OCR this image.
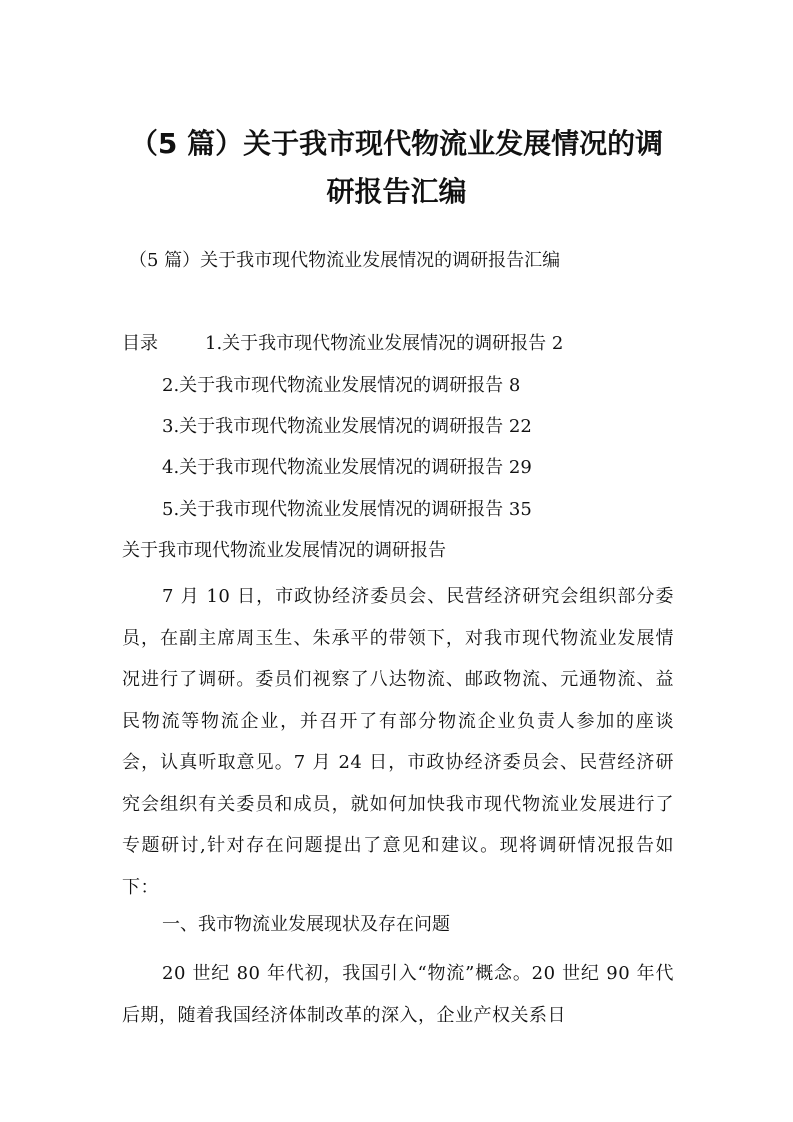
（5 篇）关于我市现代物流业发展情况的调
研报告汇编

（5 篇）关于我市现代物流业发展情况的调研报告汇编

目录	1.关于我市现代物流业发展情况的调研报告 2

2.关于我市现代物流业发展情况的调研报告 8

3.关于我市现代物流业发展情况的调研报告 22

4.关于我市现代物流业发展情况的调研报告 29

5.关于我市现代物流业发展情况的调研报告 35

关于我市现代物流业发展情况的调研报告

7 月 10 日，市政协经济委员会、民营经济研究会组织部分委员，在副主席周玉生、朱承平的带领下，对我市现代物流业发展情况进行了调研。委员们视察了八达物流、邮政物流、元通物流、益民物流等物流企业，并召开了有部分物流企业负责人参加的座谈会，认真听取意见。7 月 24 日，市政协经济委员会、民营经济研究会组织有关委员和成员，就如何加快我市现代物流业发展进行了专题研讨,针对存在问题提出了意见和建议。现将调研情况报告如下：

一、我市物流业发展现状及存在问题

20 世纪 80 年代初，我国引入“物流”概念。20 世纪 90 年代后期，随着我国经济体制改革的深入，企业产权关系日
